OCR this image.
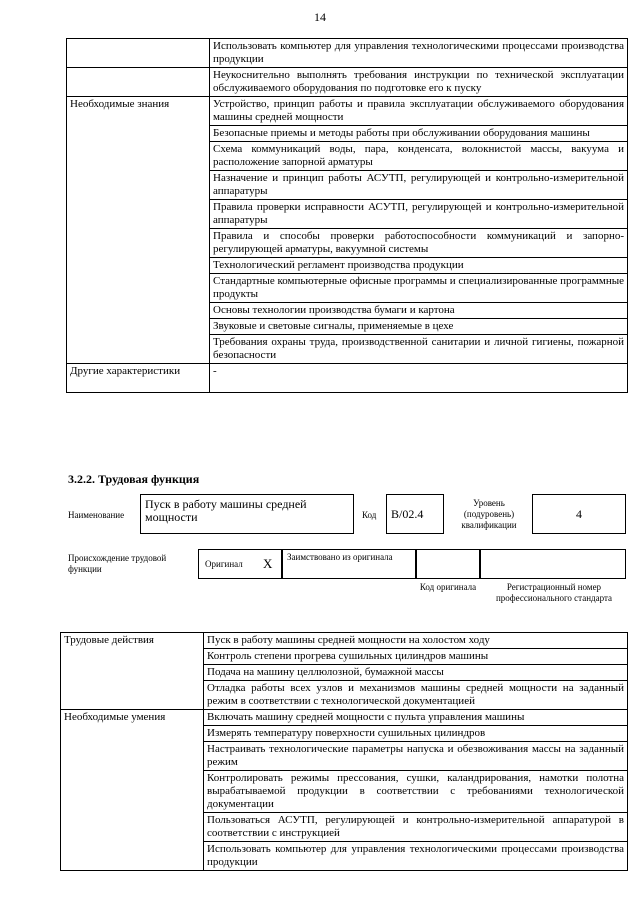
14
	Использовать компьютер для управления технологическими процессами производства продукции
	Неукоснительно выполнять требования инструкции по технической эксплуатации обслуживаемого оборудования по подготовке его к пуску
Необходимые знания	Устройство, принцип работы и правила эксплуатации обслуживаемого оборудования машины средней мощности
	Безопасные приемы и методы работы при обслуживании оборудования машины
	Схема коммуникаций воды, пара, конденсата, волокнистой массы, вакуума и расположение запорной арматуры
	Назначение и принцип работы АСУТП, регулирующей и контрольно-измерительной аппаратуры
	Правила проверки исправности АСУТП, регулирующей и контрольно-измерительной аппаратуры
	Правила и способы проверки работоспособности коммуникаций и запорно-регулирующей арматуры, вакуумной системы
	Технологический регламент производства продукции
	Стандартные компьютерные офисные программы и специализированные программные продукты
	Основы технологии производства бумаги и картона
	Звуковые и световые сигналы, применяемые в цехе
	Требования охраны труда, производственной санитарии и личной гигиены, пожарной безопасности
Другие характеристики	-
3.2.2. Трудовая функция
Наименование
Пуск в работу машины средней мощности	Код	В/02.4
Уровень (подуровень) квалификации
4
Происхождение трудовой функции	Оригинал X	Заимствовано из оригинала
Код оригинала	Регистрационный номер профессионального стандарта
Трудовые действия	Пуск в работу машины средней мощности на холостом ходу
	Контроль степени прогрева сушильных цилиндров машины
	Подача на машину целлюлозной, бумажной массы
	Отладка работы всех узлов и механизмов машины средней мощности на заданный режим в соответствии с технологической документацией
Необходимые умения	Включать машину средней мощности с пульта управления машины
	Измерять температуру поверхности сушильных цилиндров
	Настраивать технологические параметры напуска и обезвоживания массы на заданный режим
	Контролировать режимы прессования, сушки, каландрирования, намотки полотна вырабатываемой продукции в соответствии с требованиями технологической документации
	Пользоваться АСУТП, регулирующей и контрольно-измерительной аппаратурой в соответствии с инструкцией
	Использовать компьютер для управления технологическими процессами производства продукции
